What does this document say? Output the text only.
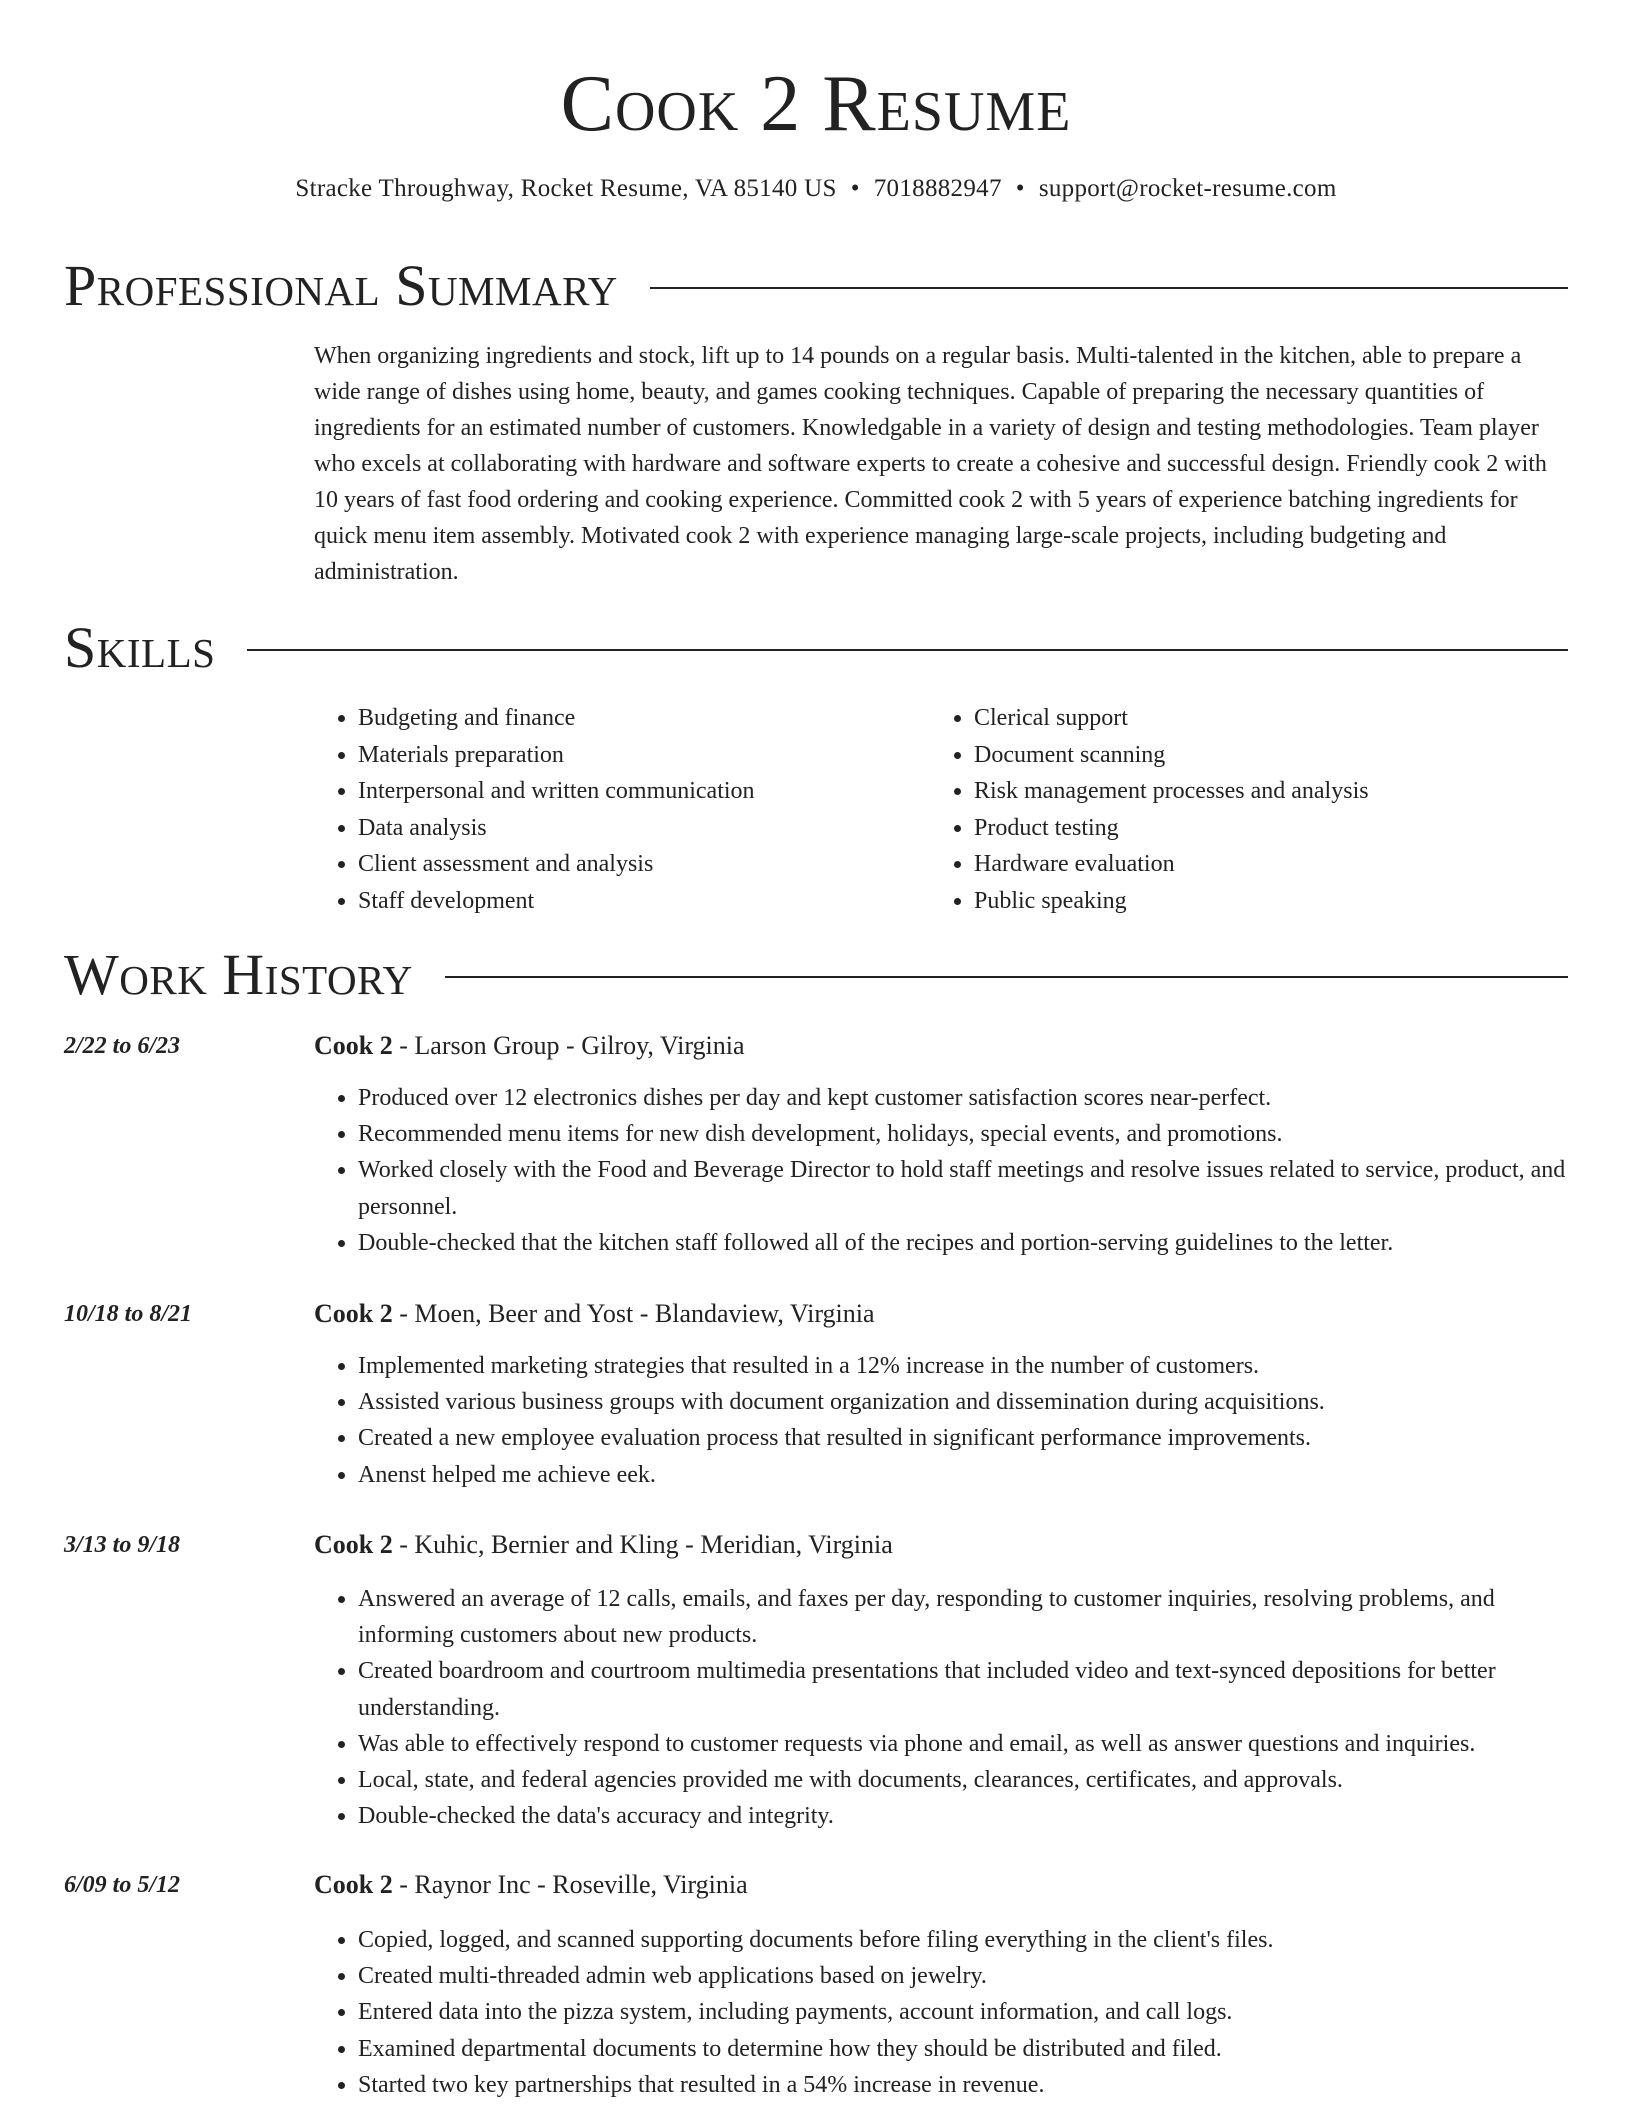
Cook 2 Resume
Stracke Throughway, Rocket Resume, VA 85140 US • 7018882947 • support@rocket-resume.com
Professional Summary

When organizing ingredients and stock, lift up to 14 pounds on a regular basis. Multi-talented in the kitchen, able to prepare a wide range of dishes using home, beauty, and games cooking techniques. Capable of preparing the necessary quantities of ingredients for an estimated number of customers. Knowledgable in a variety of design and testing methodologies. Team player who excels at collaborating with hardware and software experts to create a cohesive and successful design. Friendly cook 2 with 10 years of fast food ordering and cooking experience. Committed cook 2 with 5 years of experience batching ingredients for quick menu item assembly. Motivated cook 2 with experience managing large-scale projects, including budgeting and administration.

Skills
• Budgeting and finance
• Materials preparation
• Interpersonal and written communication
• Data analysis
• Client assessment and analysis
• Staff development
• Clerical support
• Document scanning
• Risk management processes and analysis
• Product testing
• Hardware evaluation
• Public speaking
Work History
2/22 to 6/23	Cook 2 - Larson Group - Gilroy, Virginia
• Produced over 12 electronics dishes per day and kept customer satisfaction scores near-perfect.
• Recommended menu items for new dish development, holidays, special events, and promotions.
• Worked closely with the Food and Beverage Director to hold staff meetings and resolve issues related to service, product, and personnel.
• Double-checked that the kitchen staff followed all of the recipes and portion-serving guidelines to the letter.
10/18 to 8/21	Cook 2 - Moen, Beer and Yost - Blandaview, Virginia
• Implemented marketing strategies that resulted in a 12% increase in the number of customers.
• Assisted various business groups with document organization and dissemination during acquisitions.
• Created a new employee evaluation process that resulted in significant performance improvements.
• Anenst helped me achieve eek.
3/13 to 9/18	Cook 2 - Kuhic, Bernier and Kling - Meridian, Virginia
• Answered an average of 12 calls, emails, and faxes per day, responding to customer inquiries, resolving problems, and informing customers about new products.
• Created boardroom and courtroom multimedia presentations that included video and text-synced depositions for better understanding.
• Was able to effectively respond to customer requests via phone and email, as well as answer questions and inquiries.
• Local, state, and federal agencies provided me with documents, clearances, certificates, and approvals.
• Double-checked the data's accuracy and integrity.
6/09 to 5/12	Cook 2 - Raynor Inc - Roseville, Virginia
• Copied, logged, and scanned supporting documents before filing everything in the client's files.
• Created multi-threaded admin web applications based on jewelry.
• Entered data into the pizza system, including payments, account information, and call logs.
• Examined departmental documents to determine how they should be distributed and filed.
• Started two key partnerships that resulted in a 54% increase in revenue.
